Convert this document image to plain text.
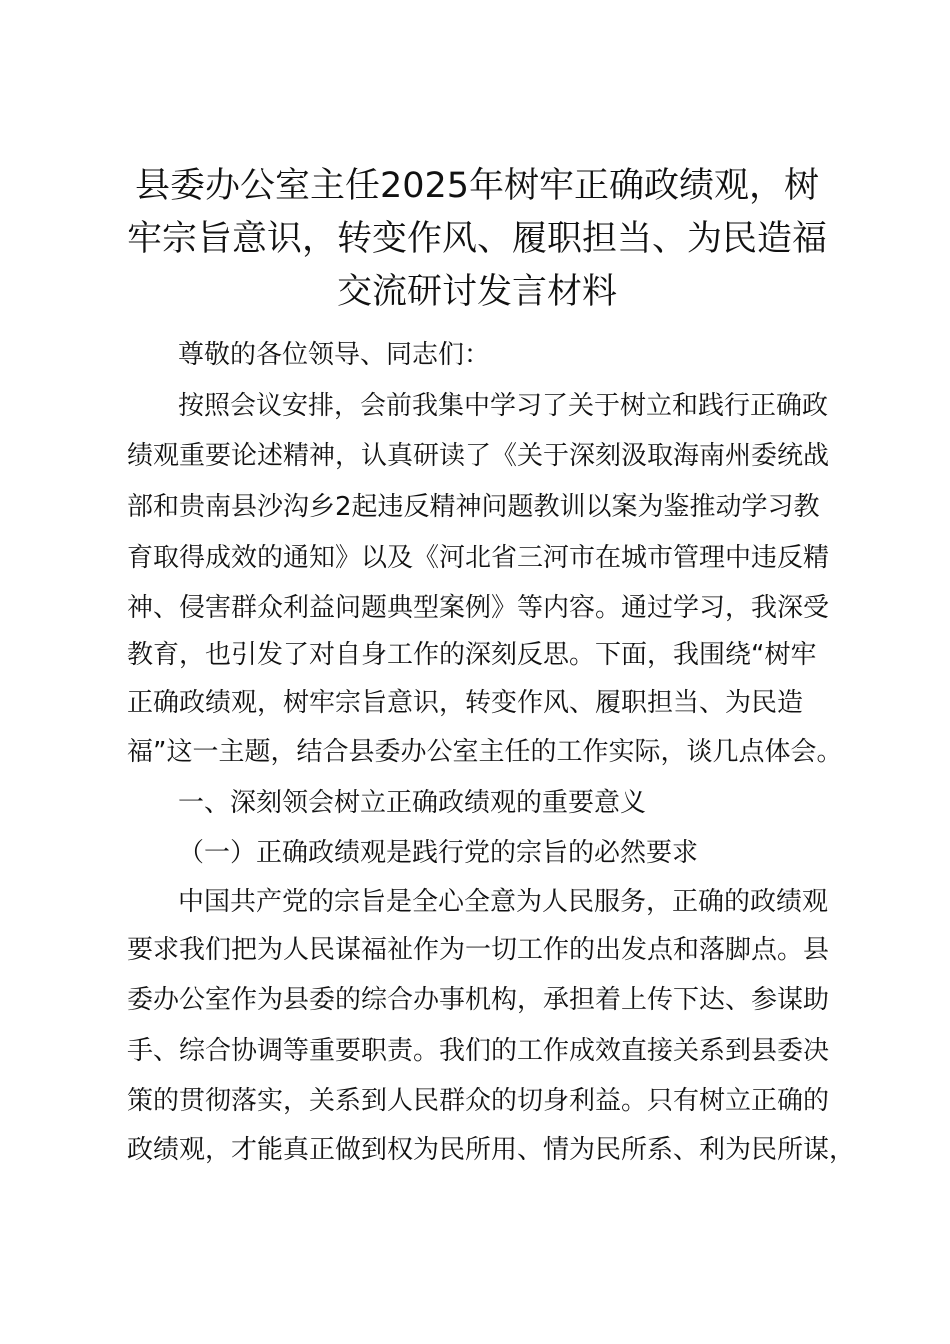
县委办公室主任2025年树牢正确政绩观，树
牢宗旨意识，转变作风、履职担当、为民造福
交流研讨发言材料

尊敬的各位领导、同志们：

按照会议安排，会前我集中学习了关于树立和践行正确政

绩观重要论述精神，认真研读了《关于深刻汲取海南州委统战

部和贵南县沙沟乡2起违反精神问题教训以案为鉴推动学习教

育取得成效的通知》以及《河北省三河市在城市管理中违反精

神、侵害群众利益问题典型案例》等内容。通过学习，我深受

教育，也引发了对自身工作的深刻反思。下面，我围绕“树牢

正确政绩观，树牢宗旨意识，转变作风、履职担当、为民造

福”这一主题，结合县委办公室主任的工作实际，谈几点体会。

一、深刻领会树立正确政绩观的重要意义

（一）正确政绩观是践行党的宗旨的必然要求

中国共产党的宗旨是全心全意为人民服务，正确的政绩观

要求我们把为人民谋福祉作为一切工作的出发点和落脚点。县

委办公室作为县委的综合办事机构，承担着上传下达、参谋助

手、综合协调等重要职责。我们的工作成效直接关系到县委决

策的贯彻落实，关系到人民群众的切身利益。只有树立正确的

政绩观，才能真正做到权为民所用、情为民所系、利为民所谋，
